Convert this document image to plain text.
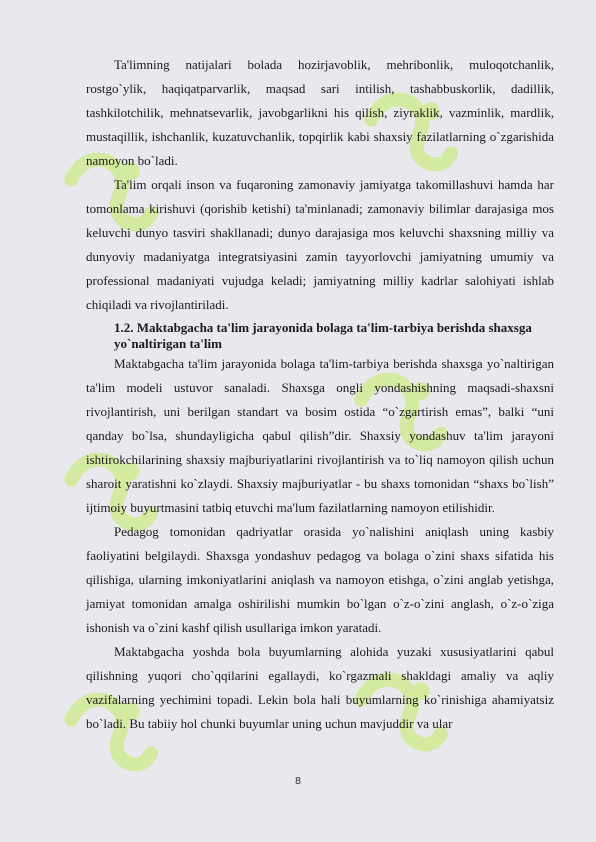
Ta'limning natijalari bolada hozirjavoblik, mehribonlik, muloqotchanlik, rostgo`ylik, haqiqatparvarlik, maqsad sari intilish, tashabbuskorlik, dadillik, tashkilotchilik, mehnatsevarlik, javobgarlikni his qilish, ziyraklik, vazminlik, mardlik, mustaqillik, ishchanlik, kuzatuvchanlik, topqirlik kabi shaxsiy fazilatlarning o`zgarishida namoyon bo`ladi.

Ta'lim orqali inson va fuqaroning zamonaviy jamiyatga takomillashuvi hamda har tomonlama kirishuvi (qorishib ketishi) ta'minlanadi; zamonaviy bilimlar darajasiga mos keluvchi dunyo tasviri shakllanadi; dunyo darajasiga mos keluvchi shaxsning milliy va dunyoviy madaniyatga integratsiyasini zamin tayyorlovchi jamiyatning umumiy va professional madaniyati vujudga keladi; jamiyatning milliy kadrlar salohiyati ishlab chiqiladi va rivojlantiriladi.

1.2. Maktabgacha ta'lim jarayonida bolaga ta'lim-tarbiya berishda shaxsga yo`naltirigan ta'lim

Maktabgacha ta'lim jarayonida bolaga ta'lim-tarbiya berishda shaxsga yo`naltirigan ta'lim modeli ustuvor sanaladi. Shaxsga ongli yondashishning maqsadi-shaxsni rivojlantirish, uni berilgan standart va bosim ostida “o`zgartirish emas”, balki “uni qanday bo`lsa, shundayligicha qabul qilish”dir. Shaxsiy yondashuv ta'lim jarayoni ishtirokchilarining shaxsiy majburiyatlarini rivojlantirish va to`liq namoyon qilish uchun sharoit yaratishni ko`zlaydi. Shaxsiy majburiyatlar - bu shaxs tomonidan “shaxs bo`lish” ijtimoiy buyurtmasini tatbiq etuvchi ma'lum fazilatlarning namoyon etilishidir.

Pedagog tomonidan qadriyatlar orasida yo`nalishini aniqlash uning kasbiy faoliyatini belgilaydi. Shaxsga yondashuv pedagog va bolaga o`zini shaxs sifatida his qilishiga, ularning imkoniyatlarini aniqlash va namoyon etishga, o`zini anglab yetishga, jamiyat tomonidan amalga oshirilishi mumkin bo`lgan o`z-o`zini anglash, o`z-o`ziga ishonish va o`zini kashf qilish usullariga imkon yaratadi.

Maktabgacha yoshda bola buyumlarning alohida yuzaki xususiyatlarini qabul qilishning yuqori cho`qqilarini egallaydi, ko`rgazmali shakldagi amaliy va aqliy vazifalarning yechimini topadi. Lekin bola hali buyumlarning ko`rinishiga ahamiyatsiz bo`ladi. Bu tabiiy hol chunki buyumlar uning uchun mavjuddir va ular

8
